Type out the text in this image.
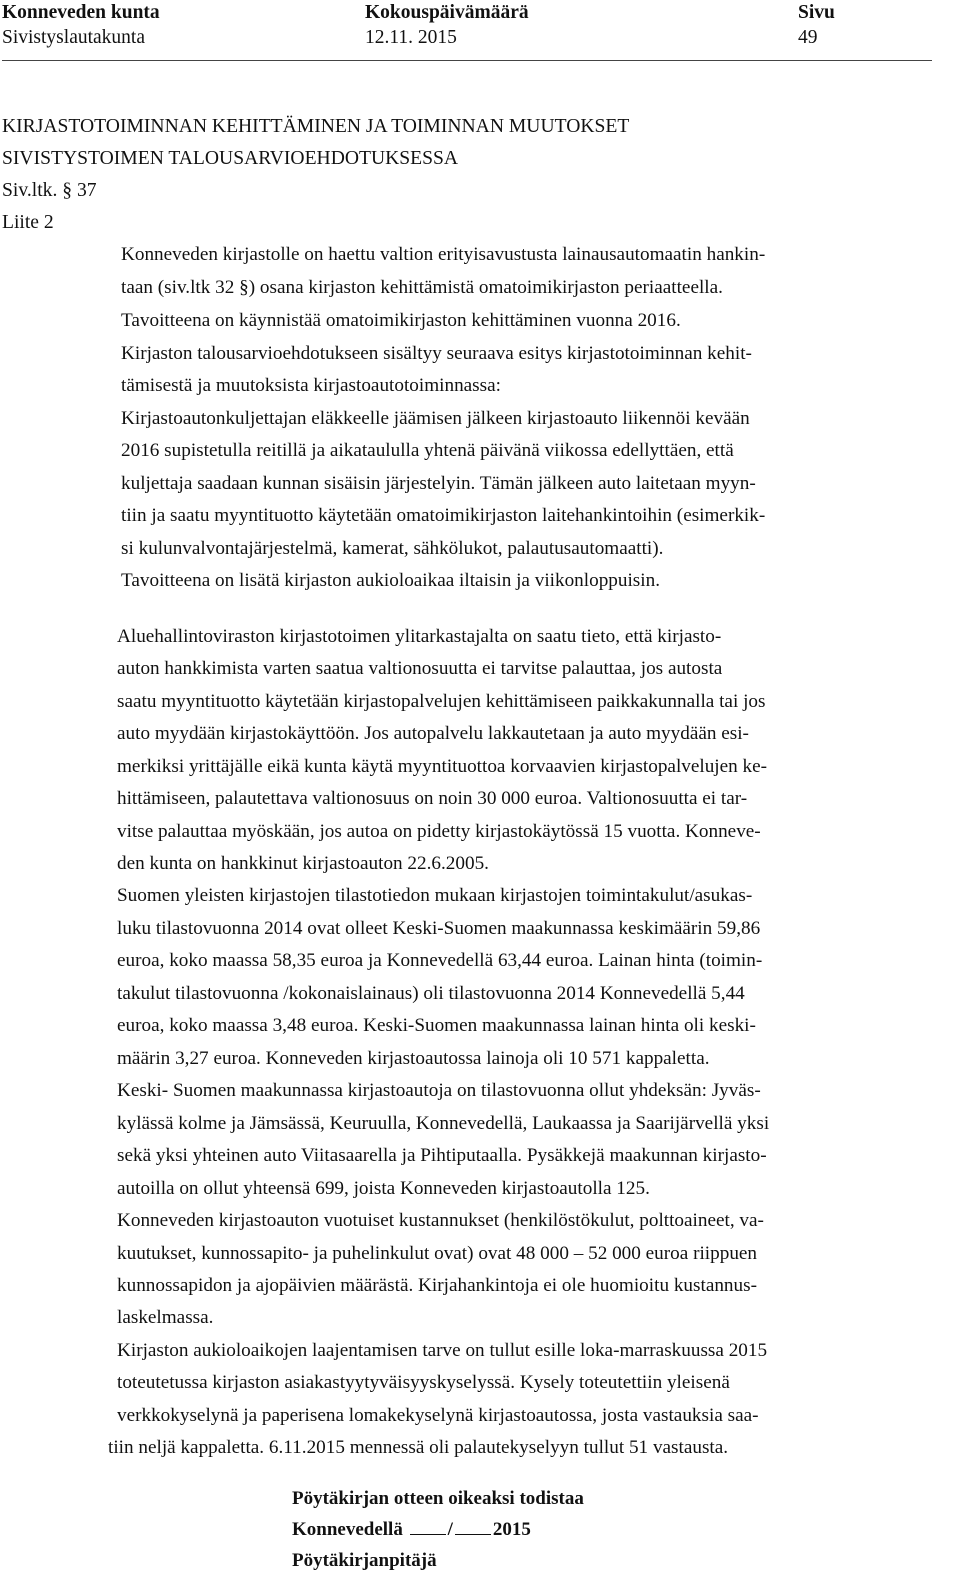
Konneveden kunta	Kokouspäivämäärä	Sivu
Sivistyslautakunta	12.11. 2015	49
KIRJASTOTOIMINNAN KEHITTÄMINEN JA TOIMINNAN MUUTOKSET
SIVISTYSTOIMEN TALOUSARVIOEHDOTUKSESSA
Siv.ltk. § 37
Liite 2
Konneveden kirjastolle on haettu valtion erityisavustusta lainausautomaatin hankin-
taan (siv.ltk 32 §) osana kirjaston kehittämistä omatoimikirjaston periaatteella.
Tavoitteena on käynnistää omatoimikirjaston kehittäminen vuonna 2016.
Kirjaston talousarvioehdotukseen sisältyy seuraava esitys kirjastotoiminnan kehit-
tämisestä ja muutoksista kirjastoautotoiminnassa:
Kirjastoautonkuljettajan eläkkeelle jäämisen jälkeen kirjastoauto liikennöi kevään
2016 supistetulla reitillä ja aikataululla yhtenä päivänä viikossa edellyttäen, että
kuljettaja saadaan kunnan sisäisin järjestelyin. Tämän jälkeen auto laitetaan myyn-
tiin ja saatu myyntituotto käytetään omatoimikirjaston laitehankintoihin (esimerkik-
si kulunvalvontajärjestelmä, kamerat, sähkölukot, palautusautomaatti).
Tavoitteena on lisätä kirjaston aukioloaikaa iltaisin ja viikonloppuisin.
Aluehallintoviraston kirjastotoimen ylitarkastajalta on saatu tieto, että kirjasto-
auton hankkimista varten saatua valtionosuutta ei tarvitse palauttaa, jos autosta
saatu myyntituotto käytetään kirjastopalvelujen kehittämiseen paikkakunnalla tai jos
auto myydään kirjastokäyttöön. Jos autopalvelu lakkautetaan ja auto myydään esi-
merkiksi yrittäjälle eikä kunta käytä myyntituottoa korvaavien kirjastopalvelujen ke-
hittämiseen, palautettava valtionosuus on noin 30 000 euroa. Valtionosuutta ei tar-
vitse palauttaa myöskään, jos autoa on pidetty kirjastokäytössä 15 vuotta. Konneve-
den kunta on hankkinut kirjastoauton 22.6.2005.
Suomen yleisten kirjastojen tilastotiedon mukaan kirjastojen toimintakulut/asukas-
luku tilastovuonna 2014 ovat olleet Keski-Suomen maakunnassa keskimäärin 59,86
euroa, koko maassa 58,35 euroa ja Konnevedellä 63,44 euroa. Lainan hinta (toimin-
takulut tilastovuonna /kokonaislainaus) oli tilastovuonna 2014 Konnevedellä 5,44
euroa, koko maassa 3,48 euroa. Keski-Suomen maakunnassa lainan hinta oli keski-
määrin 3,27 euroa. Konneveden kirjastoautossa lainoja oli 10 571 kappaletta.
Keski- Suomen maakunnassa kirjastoautoja on tilastovuonna ollut yhdeksän: Jyväs-
kylässä kolme ja Jämsässä, Keuruulla, Konnevedellä, Laukaassa ja Saarijärvellä yksi
sekä yksi yhteinen auto Viitasaarella ja Pihtiputaalla. Pysäkkejä maakunnan kirjasto-
autoilla on ollut yhteensä 699, joista Konneveden kirjastoautolla 125.
Konneveden kirjastoauton vuotuiset kustannukset (henkilöstökulut, polttoaineet, va-
kuutukset, kunnossapito- ja puhelinkulut ovat) ovat 48 000 – 52 000 euroa riippuen
kunnossapidon ja ajopäivien määrästä. Kirjahankintoja ei ole huomioitu kustannus-
laskelmassa.
Kirjaston aukioloaikojen laajentamisen tarve on tullut esille loka-marraskuussa 2015
toteutetussa kirjaston asiakastyytyväisyyskyselyssä. Kysely toteutettiin yleisenä
verkkokyselynä ja paperisena lomakekyselynä kirjastoautossa, josta vastauksia saa-
tiin neljä kappaletta. 6.11.2015 mennessä oli palautekyselyyn tullut 51 vastausta.
Pöytäkirjan otteen oikeaksi todistaa
Konnevedellä / 2015
Pöytäkirjanpitäjä
